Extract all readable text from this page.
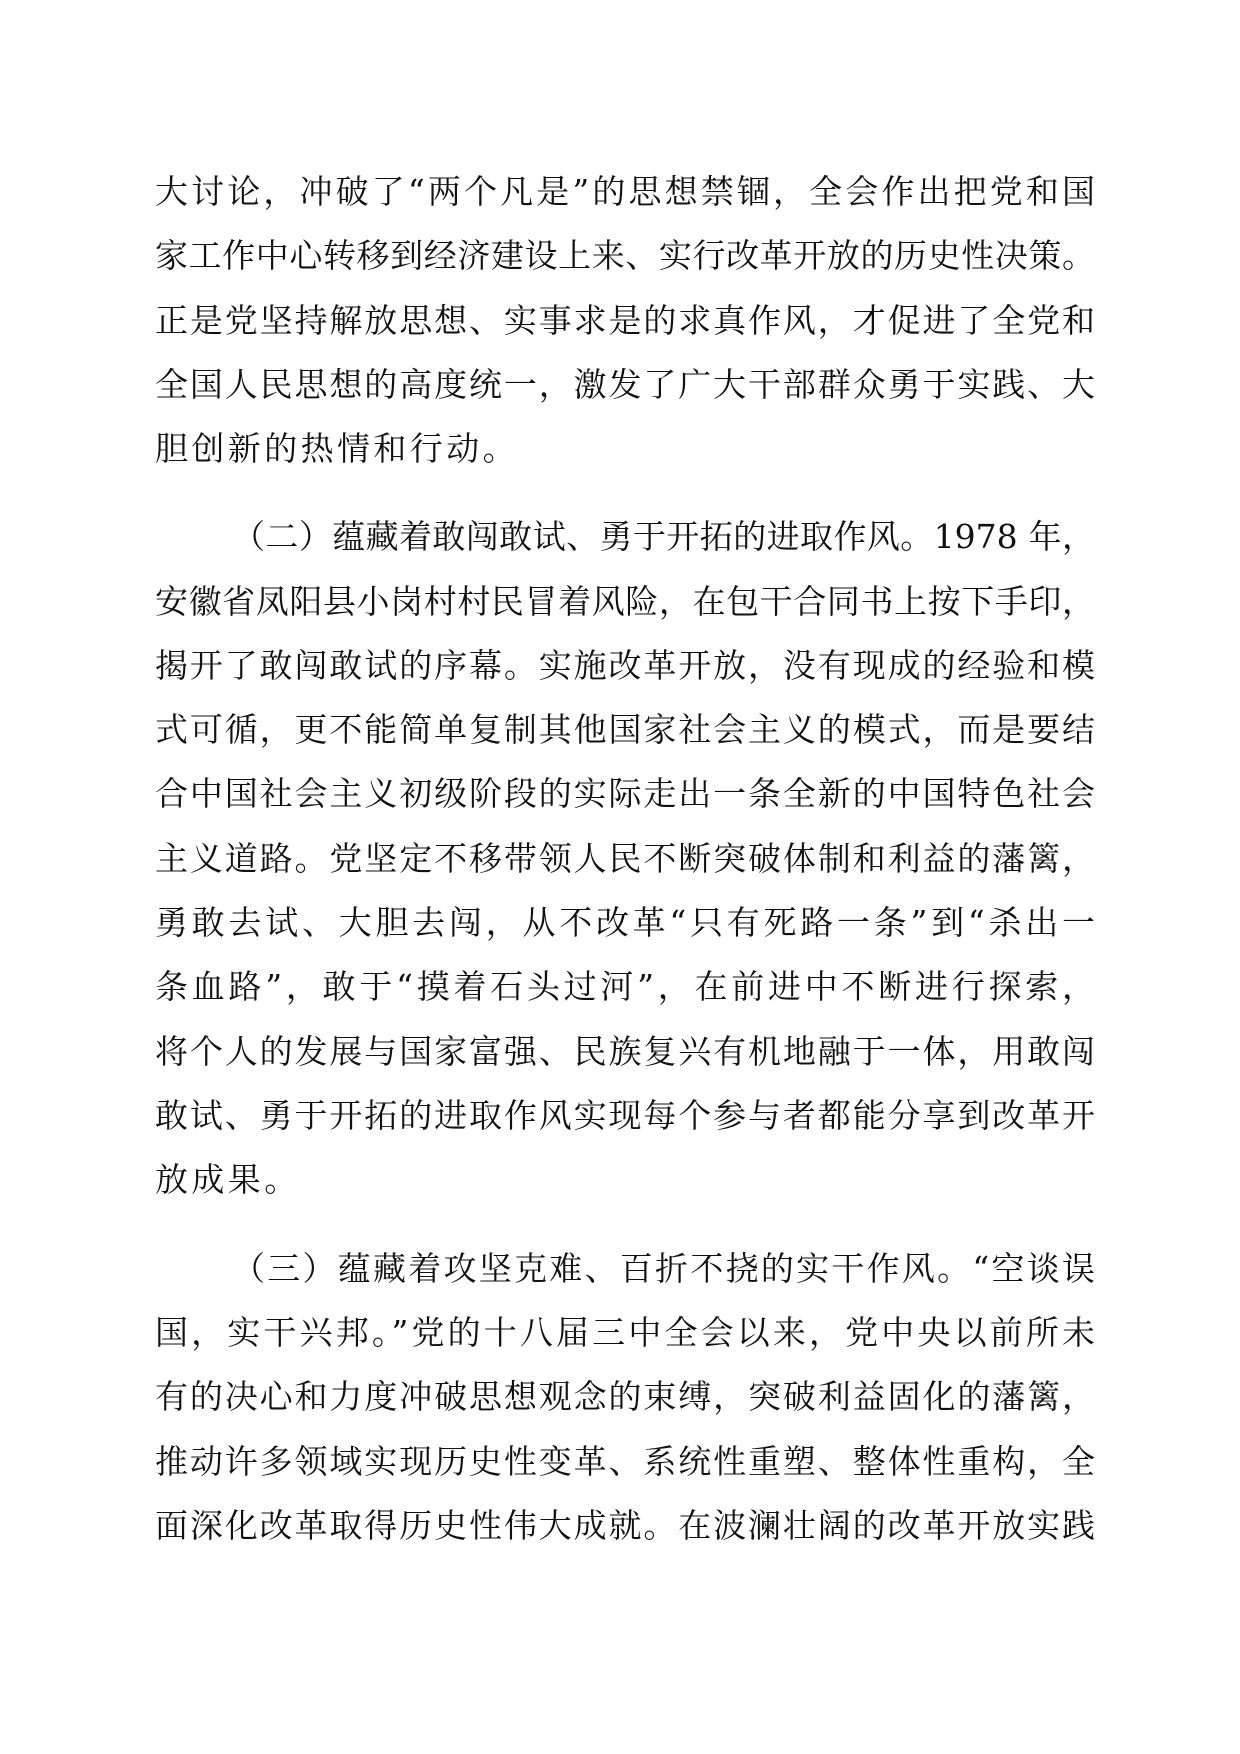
大讨论，冲破了“两个凡是”的思想禁锢，全会作出把党和国
家工作中心转移到经济建设上来、实行改革开放的历史性决策。
正是党坚持解放思想、实事求是的求真作风，才促进了全党和
全国人民思想的高度统一，激发了广大干部群众勇于实践、大
胆创新的热情和行动。
（二）蕴藏着敢闯敢试、勇于开拓的进取作风。1978 年，
安徽省凤阳县小岗村村民冒着风险，在包干合同书上按下手印，
揭开了敢闯敢试的序幕。实施改革开放，没有现成的经验和模
式可循，更不能简单复制其他国家社会主义的模式，而是要结
合中国社会主义初级阶段的实际走出一条全新的中国特色社会
主义道路。党坚定不移带领人民不断突破体制和利益的藩篱，
勇敢去试、大胆去闯，从不改革“只有死路一条”到“杀出一
条血路”，敢于“摸着石头过河”，在前进中不断进行探索，
将个人的发展与国家富强、民族复兴有机地融于一体，用敢闯
敢试、勇于开拓的进取作风实现每个参与者都能分享到改革开
放成果。
（三）蕴藏着攻坚克难、百折不挠的实干作风。“空谈误
国，实干兴邦。”党的十八届三中全会以来，党中央以前所未
有的决心和力度冲破思想观念的束缚，突破利益固化的藩篱，
推动许多领域实现历史性变革、系统性重塑、整体性重构，全
面深化改革取得历史性伟大成就。在波澜壮阔的改革开放实践
